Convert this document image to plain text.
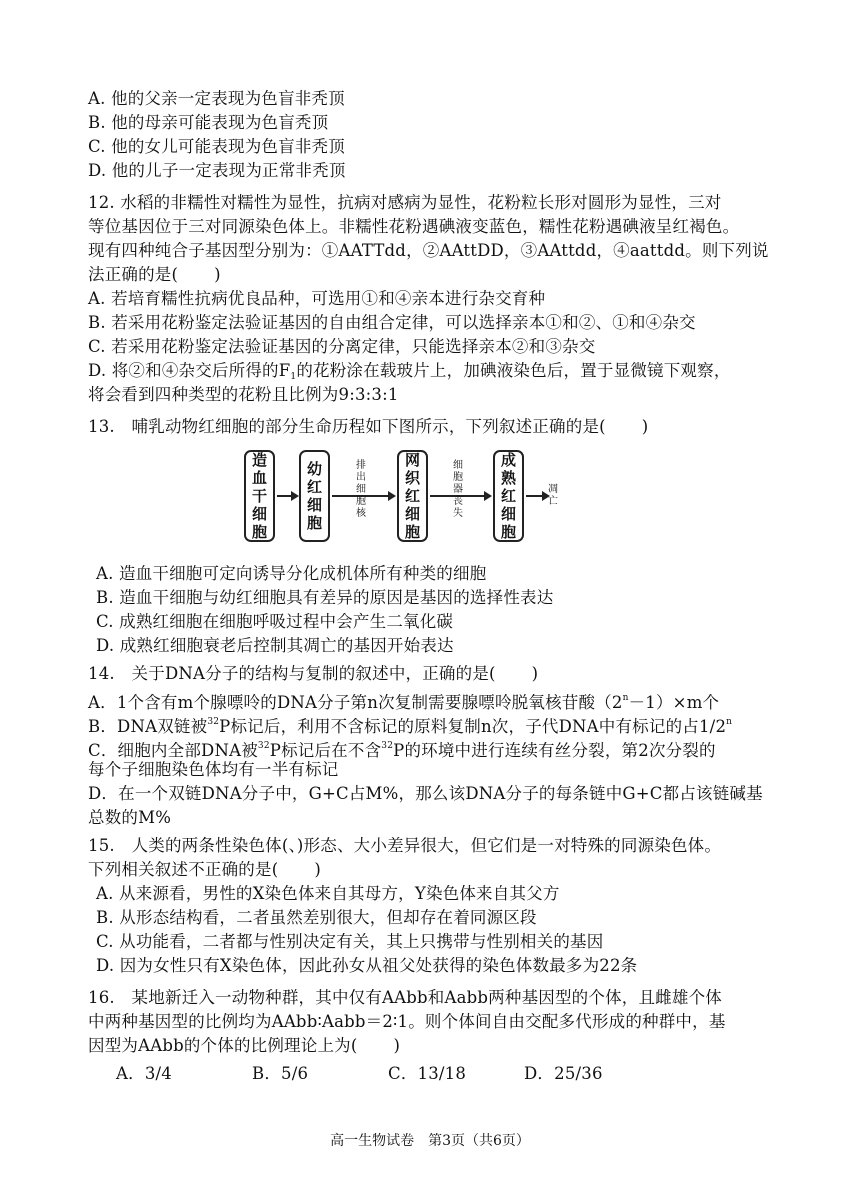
A. 他的父亲一定表现为色盲非秃顶
B. 他的母亲可能表现为色盲秃顶
C. 他的女儿可能表现为色盲非秃顶
D. 他的儿子一定表现为正常非秃顶
12. 水稻的非糯性对糯性为显性，抗病对感病为显性，花粉粒长形对圆形为显性，三对
等位基因位于三对同源染色体上。非糯性花粉遇碘液变蓝色，糯性花粉遇碘液呈红褐色。
现有四种纯合子基因型分别为：①AATTdd，②AAttDD，③AAttdd，④aattdd。则下列说
法正确的是( )
A. 若培育糯性抗病优良品种，可选用①和④亲本进行杂交育种
B. 若采用花粉鉴定法验证基因的自由组合定律，可以选择亲本①和②、①和④杂交
C. 若采用花粉鉴定法验证基因的分离定律，只能选择亲本②和③杂交
D. 将②和④杂交后所得的$F_1$的花粉涂在载玻片上，加碘液染色后，置于显微镜下观察，
将会看到四种类型的花粉且比例为9:3:3:1
13.　哺乳动物红细胞的部分生命历程如下图所示，下列叙述正确的是( )
造
血
干
细
胞
幼
红
细
胞
排
出
细
胞
核
网
织
红
细
胞
细
胞
器
丧
失
成
熟
红
细
胞
凋
亡
A. 造血干细胞可定向诱导分化成机体所有种类的细胞
B. 造血干细胞与幼红细胞具有差异的原因是基因的选择性表达
C. 成熟红细胞在细胞呼吸过程中会产生二氧化碳
D. 成熟红细胞衰老后控制其凋亡的基因开始表达
14.　关于DNA分子的结构与复制的叙述中，正确的是( )
A．1个含有m个腺嘌呤的DNA分子第n次复制需要腺嘌呤脱氧核苷酸$(2^n-1)\times m$个
B．DNA双链被$^{32}$P标记后，利用不含标记的原料复制n次，子代DNA中有标记的占1/2$^n$
C．细胞内全部DNA被$^{32}$P标记后在不含$^{32}$P的环境中进行连续有丝分裂，第2次分裂的
每个子细胞染色体均有一半有标记
D．在一个双链DNA分子中，G+C占M%，那么该DNA分子的每条链中G+C都占该链碱基
总数的M%
15.　人类的两条性染色体(、)形态、大小差异很大，但它们是一对特殊的同源染色体。
下列相关叙述不正确的是( )
A. 从来源看，男性的X染色体来自其母方，Y染色体来自其父方
B. 从形态结构看，二者虽然差别很大，但却存在着同源区段
C. 从功能看，二者都与性别决定有关，其上只携带与性别相关的基因
D. 因为女性只有X染色体，因此孙女从祖父处获得的染色体数最多为22条
16.　某地新迁入一动物种群，其中仅有AAbb和Aabb两种基因型的个体，且雌雄个体
中两种基因型的比例均为AAbb∶Aabb＝2∶1。则个体间自由交配多代形成的种群中，基
因型为AAbb的个体的比例理论上为( )
A．3/4	B．5/6	C．13/18	D．25/36
高一生物试卷　第3页（共6页）
